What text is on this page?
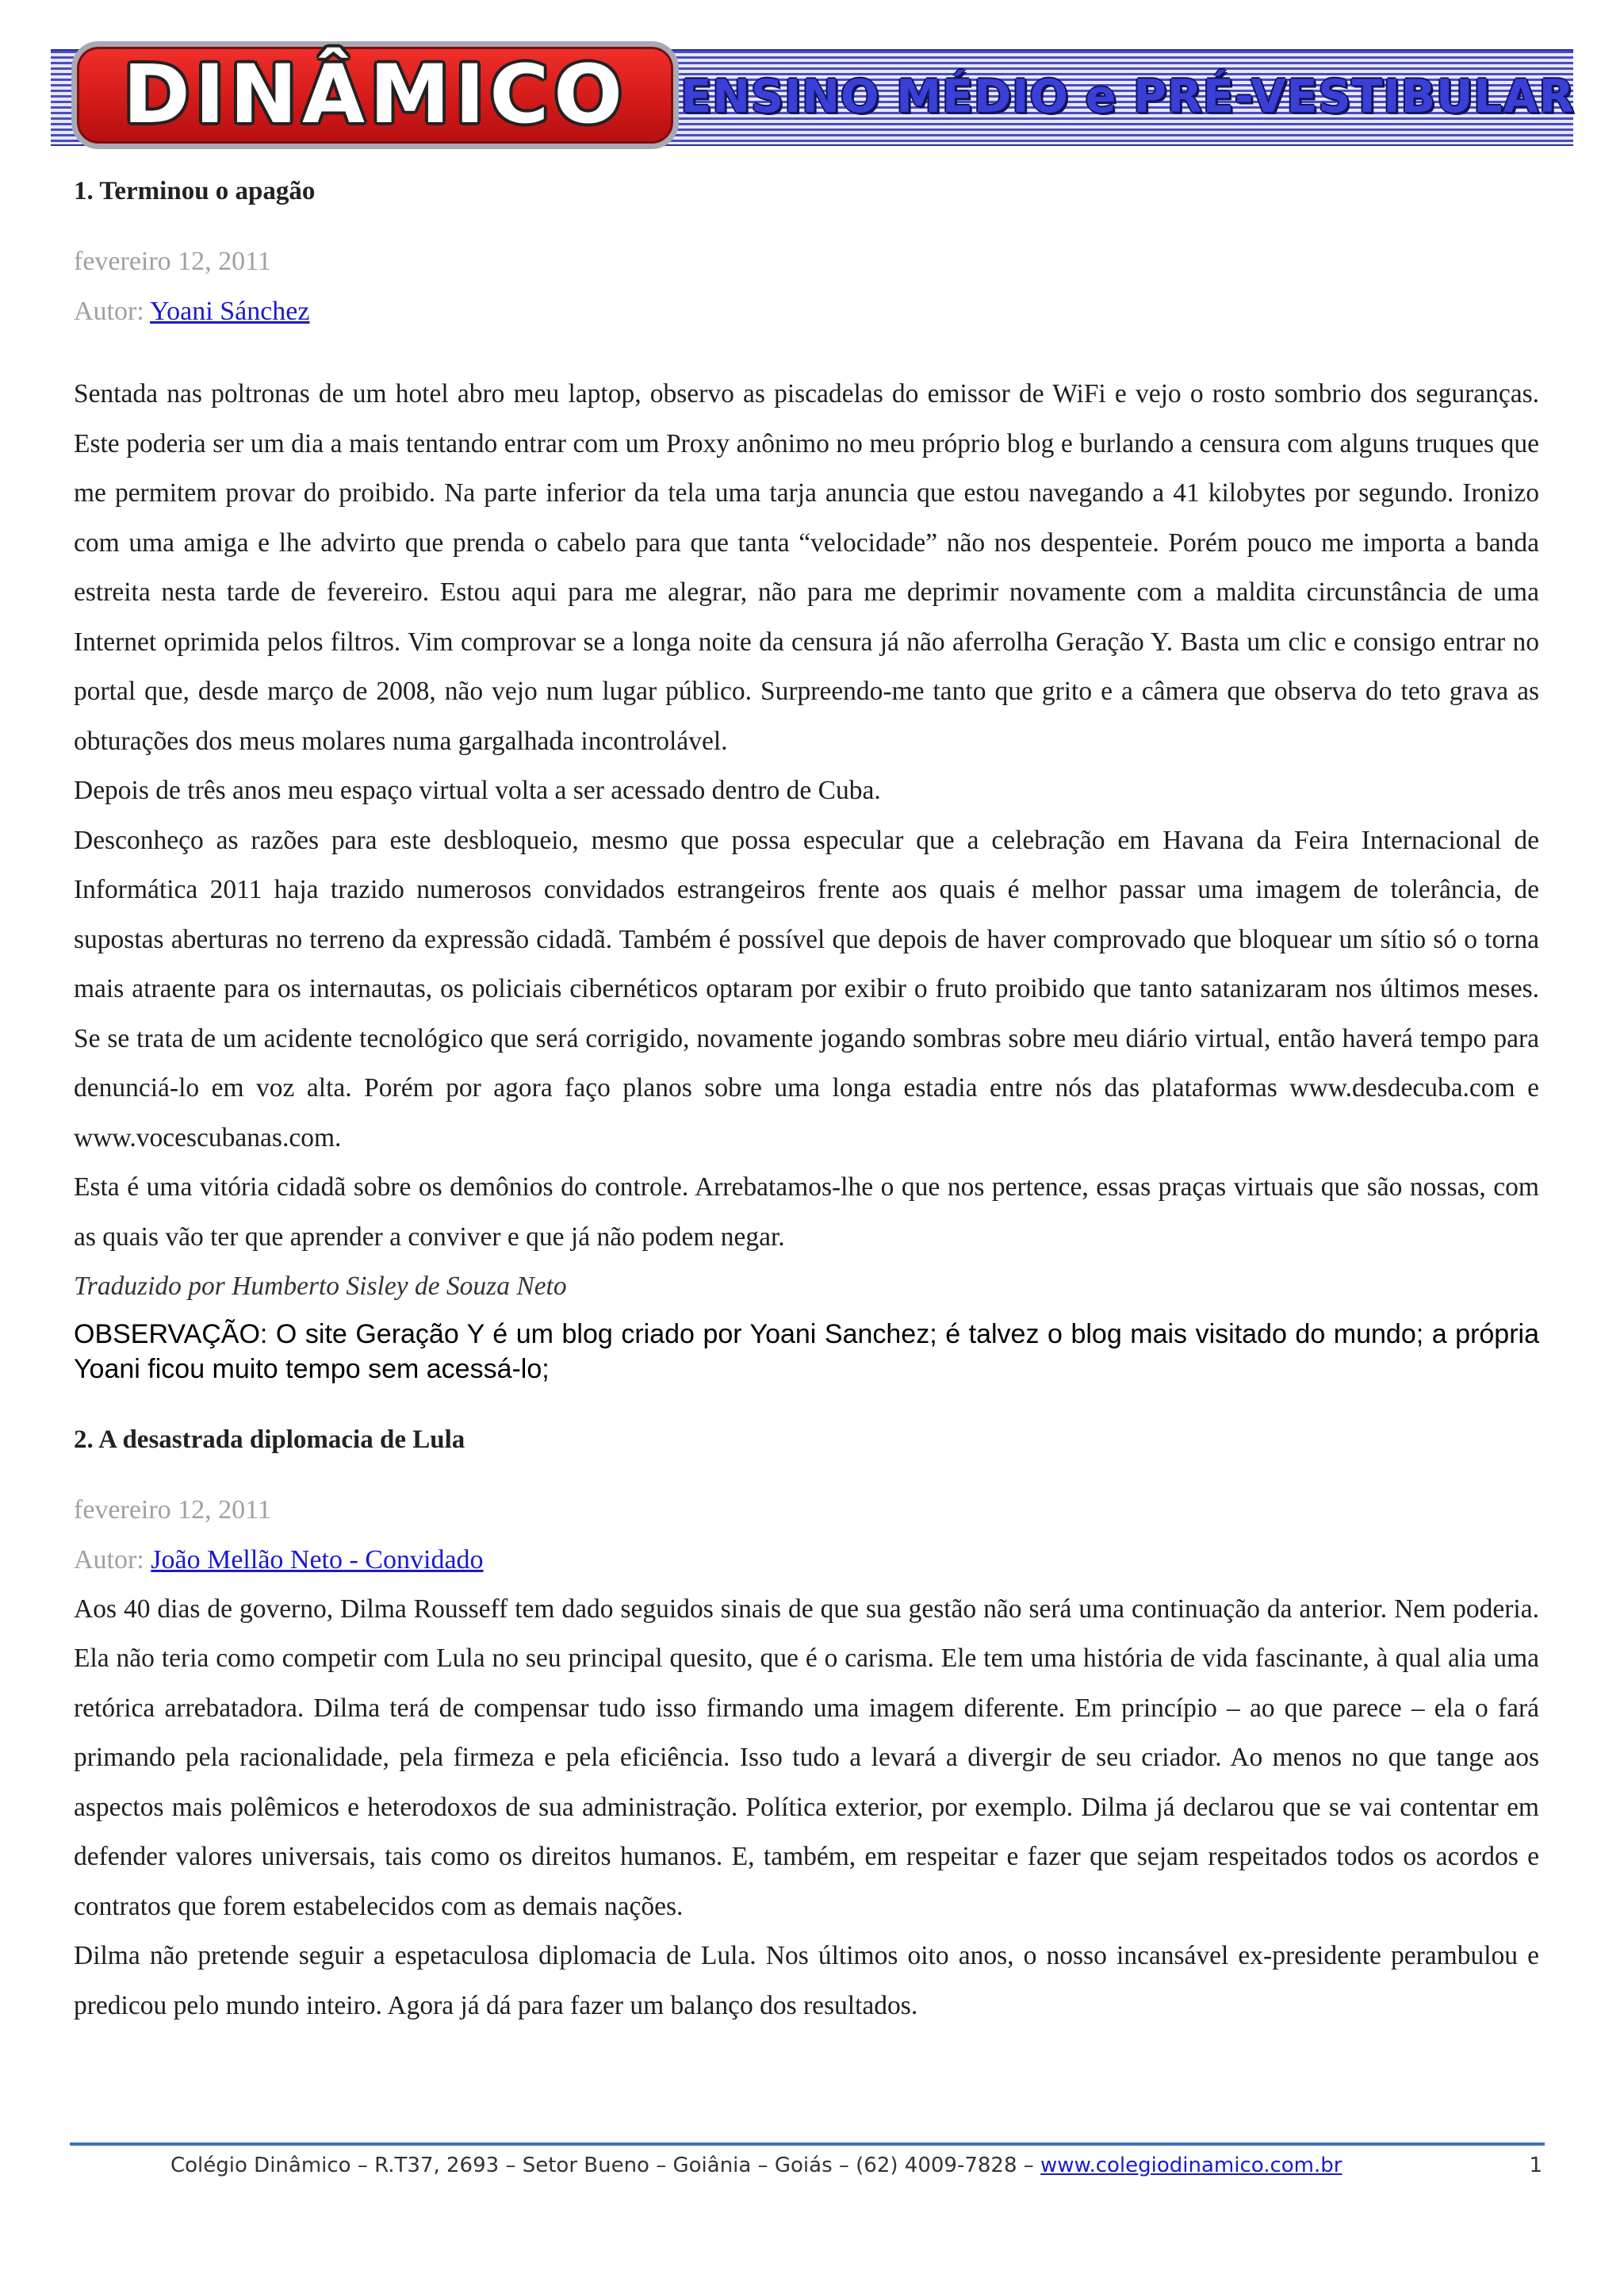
DINÂMICO ENSINO MÉDIO e PRÉ-VESTIBULAR
1. Terminou o apagão

fevereiro 12, 2011

Autor: Yoani Sánchez

Sentada nas poltronas de um hotel abro meu laptop, observo as piscadelas do emissor de WiFi e vejo o rosto sombrio dos seguranças. Este poderia ser um dia a mais tentando entrar com um Proxy anônimo no meu próprio blog e burlando a censura com alguns truques que me permitem provar do proibido. Na parte inferior da tela uma tarja anuncia que estou navegando a 41 kilobytes por segundo. Ironizo com uma amiga e lhe advirto que prenda o cabelo para que tanta “velocidade” não nos despenteie. Porém pouco me importa a banda estreita nesta tarde de fevereiro. Estou aqui para me alegrar, não para me deprimir novamente com a maldita circunstância de uma Internet oprimida pelos filtros. Vim comprovar se a longa noite da censura já não aferrolha Geração Y. Basta um clic e consigo entrar no portal que, desde março de 2008, não vejo num lugar público. Surpreendo-me tanto que grito e a câmera que observa do teto grava as obturações dos meus molares numa gargalhada incontrolável.

Depois de três anos meu espaço virtual volta a ser acessado dentro de Cuba.

Desconheço as razões para este desbloqueio, mesmo que possa especular que a celebração em Havana da Feira Internacional de Informática 2011 haja trazido numerosos convidados estrangeiros frente aos quais é melhor passar uma imagem de tolerância, de supostas aberturas no terreno da expressão cidadã. Também é possível que depois de haver comprovado que bloquear um sítio só o torna mais atraente para os internautas, os policiais cibernéticos optaram por exibir o fruto proibido que tanto satanizaram nos últimos meses. Se se trata de um acidente tecnológico que será corrigido, novamente jogando sombras sobre meu diário virtual, então haverá tempo para denunciá-lo em voz alta. Porém por agora faço planos sobre uma longa estadia entre nós das plataformas www.desdecuba.com e www.vocescubanas.com.

Esta é uma vitória cidadã sobre os demônios do controle. Arrebatamos-lhe o que nos pertence, essas praças virtuais que são nossas, com as quais vão ter que aprender a conviver e que já não podem negar.

Traduzido por Humberto Sisley de Souza Neto

OBSERVAÇÃO: O site Geração Y é um blog criado por Yoani Sanchez; é talvez o blog mais visitado do mundo; a própria Yoani ficou muito tempo sem acessá-lo;

2. A desastrada diplomacia de Lula

fevereiro 12, 2011

Autor: João Mellão Neto - Convidado

Aos 40 dias de governo, Dilma Rousseff tem dado seguidos sinais de que sua gestão não será uma continuação da anterior. Nem poderia. Ela não teria como competir com Lula no seu principal quesito, que é o carisma. Ele tem uma história de vida fascinante, à qual alia uma retórica arrebatadora. Dilma terá de compensar tudo isso firmando uma imagem diferente. Em princípio – ao que parece – ela o fará primando pela racionalidade, pela firmeza e pela eficiência. Isso tudo a levará a divergir de seu criador. Ao menos no que tange aos aspectos mais polêmicos e heterodoxos de sua administração. Política exterior, por exemplo. Dilma já declarou que se vai contentar em defender valores universais, tais como os direitos humanos. E, também, em respeitar e fazer que sejam respeitados todos os acordos e contratos que forem estabelecidos com as demais nações.

Dilma não pretende seguir a espetaculosa diplomacia de Lula. Nos últimos oito anos, o nosso incansável ex-presidente perambulou e predicou pelo mundo inteiro. Agora já dá para fazer um balanço dos resultados.

Colégio Dinâmico – R.T37, 2693 – Setor Bueno – Goiânia – Goiás – (62) 4009-7828 – www.colegiodinamico.com.br	1
